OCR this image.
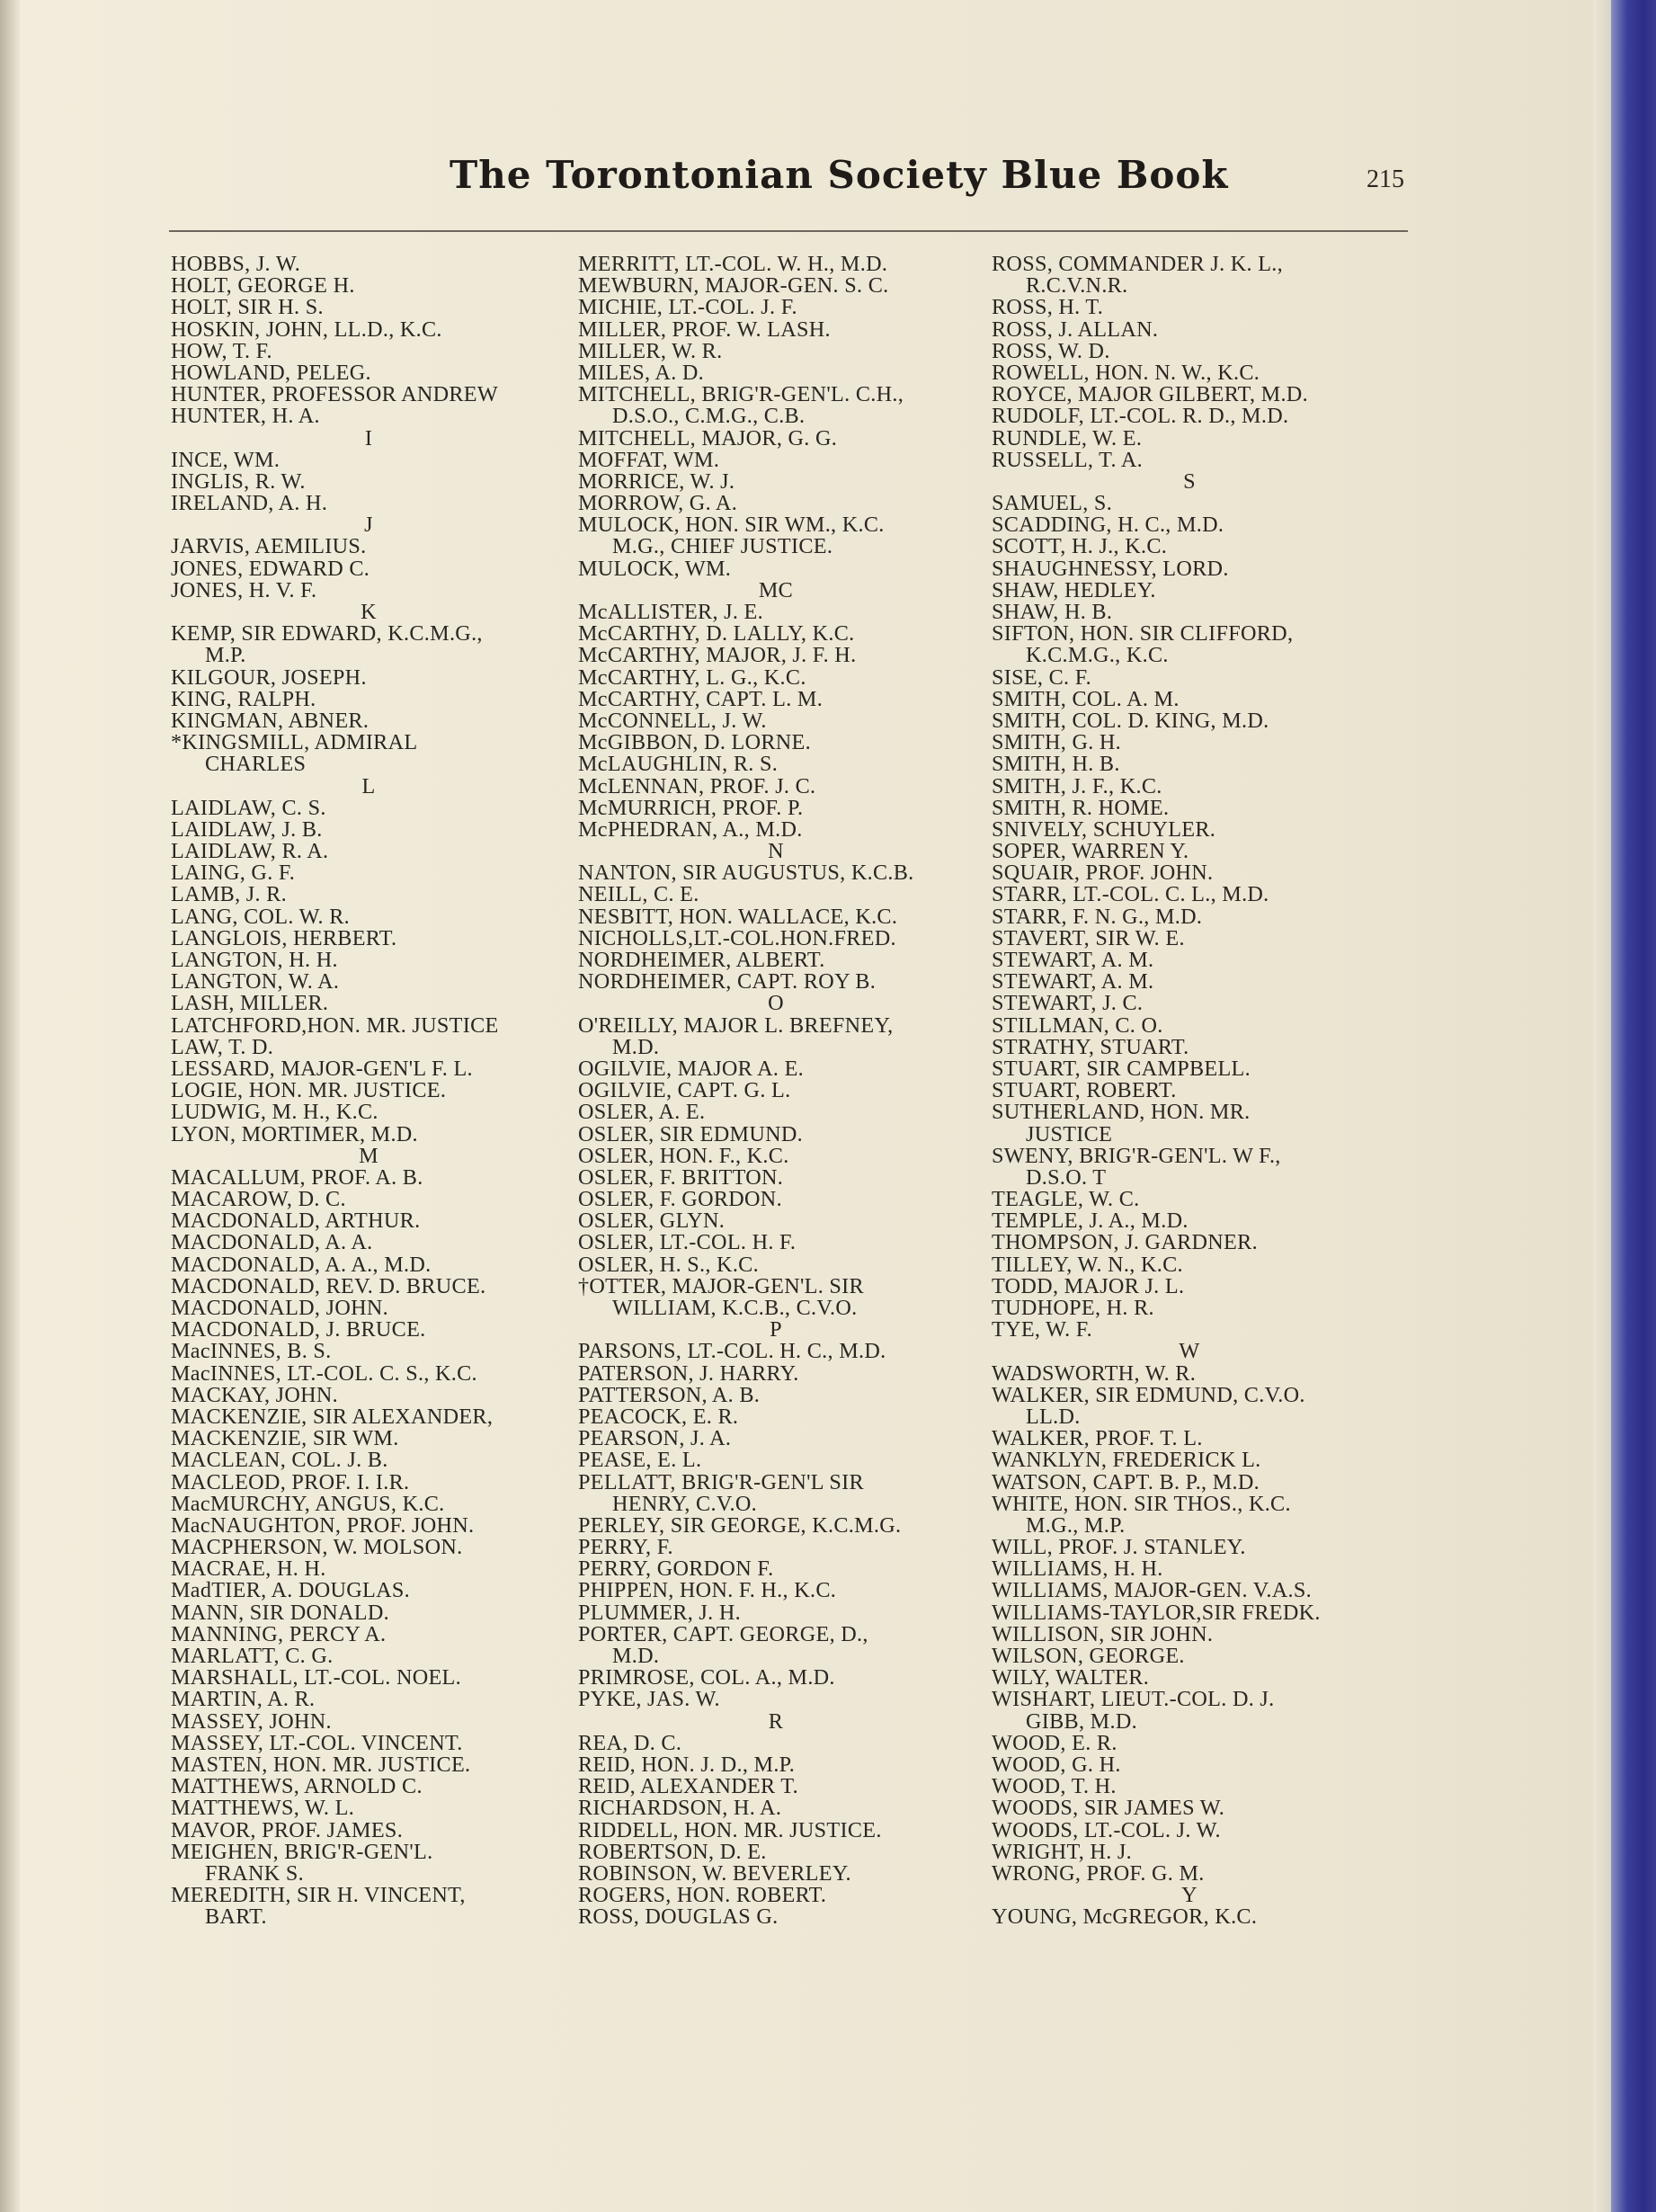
The Torontonian Society Blue Book	215
HOBBS, J. W.
HOLT, GEORGE H.
HOLT, SIR H. S.
HOSKIN, JOHN, LL.D., K.C.
HOW, T. F.
HOWLAND, PELEG.
HUNTER, PROFESSOR ANDREW
HUNTER, H. A.
I
INCE, WM.
INGLIS, R. W.
IRELAND, A. H.
J
JARVIS, AEMILIUS.
JONES, EDWARD C.
JONES, H. V. F.
K
KEMP, SIR EDWARD, K.C.M.G.,
M.P.
KILGOUR, JOSEPH.
KING, RALPH.
KINGMAN, ABNER.
*KINGSMILL, ADMIRAL
CHARLES
L
LAIDLAW, C. S.
LAIDLAW, J. B.
LAIDLAW, R. A.
LAING, G. F.
LAMB, J. R.
LANG, COL. W. R.
LANGLOIS, HERBERT.
LANGTON, H. H.
LANGTON, W. A.
LASH, MILLER.
LATCHFORD,HON. MR. JUSTICE
LAW, T. D.
LESSARD, MAJOR-GEN'L F. L.
LOGIE, HON. MR. JUSTICE.
LUDWIG, M. H., K.C.
LYON, MORTIMER, M.D.
M
MACALLUM, PROF. A. B.
MACAROW, D. C.
MACDONALD, ARTHUR.
MACDONALD, A. A.
MACDONALD, A. A., M.D.
MACDONALD, REV. D. BRUCE.
MACDONALD, JOHN.
MACDONALD, J. BRUCE.
MacINNES, B. S.
MacINNES, LT.-COL. C. S., K.C.
MACKAY, JOHN.
MACKENZIE, SIR ALEXANDER,
MACKENZIE, SIR WM.
MACLEAN, COL. J. B.
MACLEOD, PROF. I. I.R.
MacMURCHY, ANGUS, K.C.
MacNAUGHTON, PROF. JOHN.
MACPHERSON, W. MOLSON.
MACRAE, H. H.
MadTIER, A. DOUGLAS.
MANN, SIR DONALD.
MANNING, PERCY A.
MARLATT, C. G.
MARSHALL, LT.-COL. NOEL.
MARTIN, A. R.
MASSEY, JOHN.
MASSEY, LT.-COL. VINCENT.
MASTEN, HON. MR. JUSTICE.
MATTHEWS, ARNOLD C.
MATTHEWS, W. L.
MAVOR, PROF. JAMES.
MEIGHEN, BRIG'R-GEN'L.
FRANK S.
MEREDITH, SIR H. VINCENT,
BART.
MERRITT, LT.-COL. W. H., M.D.
MEWBURN, MAJOR-GEN. S. C.
MICHIE, LT.-COL. J. F.
MILLER, PROF. W. LASH.
MILLER, W. R.
MILES, A. D.
MITCHELL, BRIG'R-GEN'L. C.H.,
D.S.O., C.M.G., C.B.
MITCHELL, MAJOR, G. G.
MOFFAT, WM.
MORRICE, W. J.
MORROW, G. A.
MULOCK, HON. SIR WM., K.C.
M.G., CHIEF JUSTICE.
MULOCK, WM.
MC
McALLISTER, J. E.
McCARTHY, D. LALLY, K.C.
McCARTHY, MAJOR, J. F. H.
McCARTHY, L. G., K.C.
McCARTHY, CAPT. L. M.
McCONNELL, J. W.
McGIBBON, D. LORNE.
McLAUGHLIN, R. S.
McLENNAN, PROF. J. C.
McMURRICH, PROF. P.
McPHEDRAN, A., M.D.
N
NANTON, SIR AUGUSTUS, K.C.B.
NEILL, C. E.
NESBITT, HON. WALLACE, K.C.
NICHOLLS,LT.-COL.HON.FRED.
NORDHEIMER, ALBERT.
NORDHEIMER, CAPT. ROY B.
O
O'REILLY, MAJOR L. BREFNEY,
M.D.
OGILVIE, MAJOR A. E.
OGILVIE, CAPT. G. L.
OSLER, A. E.
OSLER, SIR EDMUND.
OSLER, HON. F., K.C.
OSLER, F. BRITTON.
OSLER, F. GORDON.
OSLER, GLYN.
OSLER, LT.-COL. H. F.
OSLER, H. S., K.C.
†OTTER, MAJOR-GEN'L. SIR
WILLIAM, K.C.B., C.V.O.
P
PARSONS, LT.-COL. H. C., M.D.
PATERSON, J. HARRY.
PATTERSON, A. B.
PEACOCK, E. R.
PEARSON, J. A.
PEASE, E. L.
PELLATT, BRIG'R-GEN'L SIR
HENRY, C.V.O.
PERLEY, SIR GEORGE, K.C.M.G.
PERRY, F.
PERRY, GORDON F.
PHIPPEN, HON. F. H., K.C.
PLUMMER, J. H.
PORTER, CAPT. GEORGE, D.,
M.D.
PRIMROSE, COL. A., M.D.
PYKE, JAS. W.
R
REA, D. C.
REID, HON. J. D., M.P.
REID, ALEXANDER T.
RICHARDSON, H. A.
RIDDELL, HON. MR. JUSTICE.
ROBERTSON, D. E.
ROBINSON, W. BEVERLEY.
ROGERS, HON. ROBERT.
ROSS, DOUGLAS G.
ROSS, COMMANDER J. K. L.,
R.C.V.N.R.
ROSS, H. T.
ROSS, J. ALLAN.
ROSS, W. D.
ROWELL, HON. N. W., K.C.
ROYCE, MAJOR GILBERT, M.D.
RUDOLF, LT.-COL. R. D., M.D.
RUNDLE, W. E.
RUSSELL, T. A.
S
SAMUEL, S.
SCADDING, H. C., M.D.
SCOTT, H. J., K.C.
SHAUGHNESSY, LORD.
SHAW, HEDLEY.
SHAW, H. B.
SIFTON, HON. SIR CLIFFORD,
K.C.M.G., K.C.
SISE, C. F.
SMITH, COL. A. M.
SMITH, COL. D. KING, M.D.
SMITH, G. H.
SMITH, H. B.
SMITH, J. F., K.C.
SMITH, R. HOME.
SNIVELY, SCHUYLER.
SOPER, WARREN Y.
SQUAIR, PROF. JOHN.
STARR, LT.-COL. C. L., M.D.
STARR, F. N. G., M.D.
STAVERT, SIR W. E.
STEWART, A. M.
STEWART, A. M.
STEWART, J. C.
STILLMAN, C. O.
STRATHY, STUART.
STUART, SIR CAMPBELL.
STUART, ROBERT.
SUTHERLAND, HON. MR.
JUSTICE
SWENY, BRIG'R-GEN'L. W F.,
D.S.O. T
TEAGLE, W. C.
TEMPLE, J. A., M.D.
THOMPSON, J. GARDNER.
TILLEY, W. N., K.C.
TODD, MAJOR J. L.
TUDHOPE, H. R.
TYE, W. F.
W
WADSWORTH, W. R.
WALKER, SIR EDMUND, C.V.O.
LL.D.
WALKER, PROF. T. L.
WANKLYN, FREDERICK L.
WATSON, CAPT. B. P., M.D.
WHITE, HON. SIR THOS., K.C.
M.G., M.P.
WILL, PROF. J. STANLEY.
WILLIAMS, H. H.
WILLIAMS, MAJOR-GEN. V.A.S.
WILLIAMS-TAYLOR,SIR FREDK.
WILLISON, SIR JOHN.
WILSON, GEORGE.
WILY, WALTER.
WISHART, LIEUT.-COL. D. J.
GIBB, M.D.
WOOD, E. R.
WOOD, G. H.
WOOD, T. H.
WOODS, SIR JAMES W.
WOODS, LT.-COL. J. W.
WRIGHT, H. J.
WRONG, PROF. G. M.
Y
YOUNG, McGREGOR, K.C.
